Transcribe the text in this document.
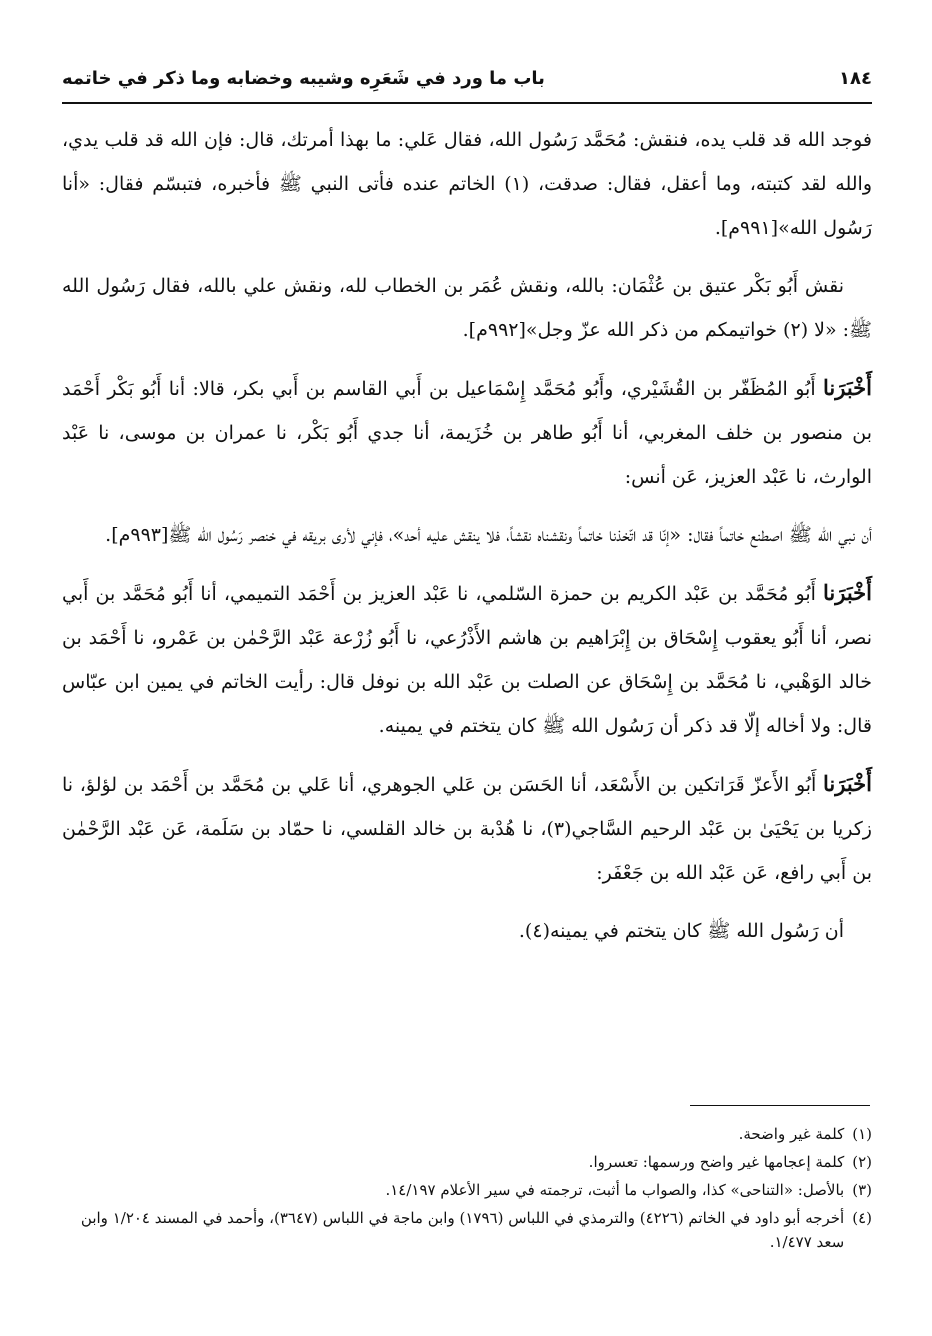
١٨٤
باب ما ورد في شَعَرِه وشيبه وخضابه وما ذكر في خاتمه

فوجد الله قد قلب يده، فنقش: مُحَمَّد رَسُول الله، فقال عَلي: ما بهذا أمرتك، قال: فإن الله قد قلب يدي، والله لقد كتبته، وما أعقل، فقال: صدقت، (١) الخاتم عنده فأتى النبي ﷺ فأخبره، فتبسّم فقال: «أنا رَسُول الله»[٩٩١م].

نقش أَبُو بَكْر عتيق بن عُثْمَان: بالله، ونقش عُمَر بن الخطاب لله، ونقش علي بالله، فقال رَسُول الله ﷺ: «لا (٢) خواتيمكم من ذكر الله عزّ وجل»[٩٩٢م].

أَخْبَرَنا أَبُو المُظَفّر بن القُشَيْري، وأَبُو مُحَمَّد إِسْمَاعيل بن أَبي القاسم بن أَبي بكر، قالا: أنا أَبُو بَكْر أَحْمَد بن منصور بن خلف المغربي، أنا أَبُو طاهر بن خُزَيمة، أنا جدي أَبُو بَكْر، نا عمران بن موسى، نا عَبْد الوارث، نا عَبْد العزيز، عَن أنس:

أن نبي الله ﷺ اصطنع خاتماً فقال: «إنّا قد اتّخذنا خاتماً ونقشناه نقشاً، فلا ينقش عليه أحد»، فإني لأرى بريقه في خنصر رَسُول الله ﷺ[٩٩٣م].

أَخْبَرَنا أَبُو مُحَمَّد بن عَبْد الكريم بن حمزة السّلمي، نا عَبْد العزيز بن أَحْمَد التميمي، أنا أَبُو مُحَمَّد بن أَبي نصر، أنا أَبُو يعقوب إِسْحَاق بن إِبْرَاهيم بن هاشم الأَذْرُعي، نا أَبُو زُرْعة عَبْد الرَّحْمٰن بن عَمْرو، نا أَحْمَد بن خالد الوَهْبي، نا مُحَمَّد بن إِسْحَاق عن الصلت بن عَبْد الله بن نوفل قال: رأيت الخاتم في يمين ابن عبّاس قال: ولا أخاله إلّا قد ذكر أن رَسُول الله ﷺ كان يتختم في يمينه.

أَخْبَرَنا أَبُو الأَعزّ قَرَاتكين بن الأَسْعَد، أنا الحَسَن بن عَلي الجوهري، أنا عَلي بن مُحَمَّد بن أَحْمَد بن لؤلؤ، نا زكريا بن يَحْيَىٰ بن عَبْد الرحيم السَّاجي(٣)، نا هُدْبة بن خالد القلسي، نا حمّاد بن سَلَمة، عَن عَبْد الرَّحْمٰن بن أَبي رافع، عَن عَبْد الله بن جَعْفَر:

أن رَسُول الله ﷺ كان يتختم في يمينه(٤).

(١)
كلمة غير واضحة.
(٢)
كلمة إعجامها غير واضح ورسمها: تعسروا.
(٣)
بالأصل: «التناحى» كذا، والصواب ما أثبت، ترجمته في سير الأعلام ١٤/١٩٧.
(٤)
أخرجه أبو داود في الخاتم (٤٢٢٦) والترمذي في اللباس (١٧٩٦) وابن ماجة في اللباس (٣٦٤٧)، وأحمد في المسند ١/٢٠٤ وابن سعد ١/٤٧٧.
